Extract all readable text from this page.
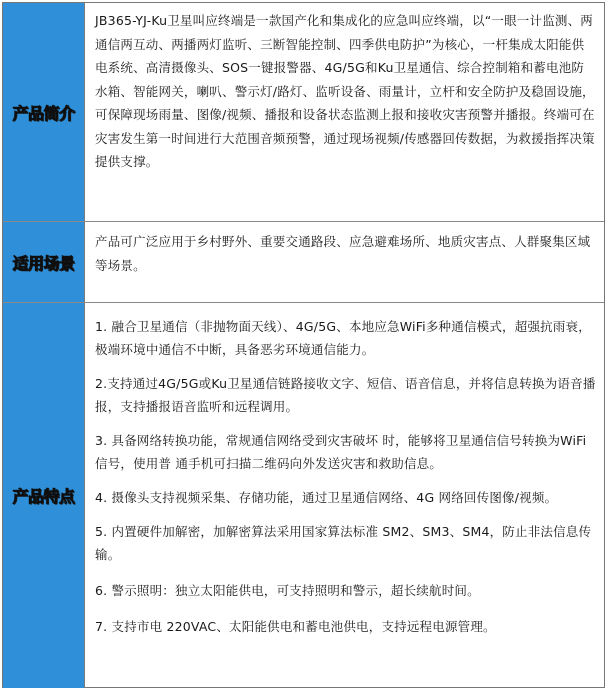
产品简介

JB365-YJ-Ku卫星叫应终端是一款国产化和集成化的应急叫应终端，以“一眼一计监测、两通信两互动、两播两灯监听、三断智能控制、四季供电防护”为核心，一杆集成太阳能供电系统、高清摄像头、SOS一键报警器、4G/5G和Ku卫星通信、综合控制箱和蓄电池防水箱、智能网关，喇叭、警示灯/路灯、监听设备、雨量计，立杆和安全防护及稳固设施，可保障现场雨量、图像/视频、播报和设备状态监测上报和接收灾害预警并播报。终端可在灾害发生第一时间进行大范围音频预警，通过现场视频/传感器回传数据，为救援指挥决策提供支撑。

适用场景

产品可广泛应用于乡村野外、重要交通路段、应急避难场所、地质灾害点、人群聚集区域等场景。

产品特点

1. 融合卫星通信（非抛物面天线）、4G/5G、本地应急WiFi多种通信模式，超强抗雨衰，极端环境中通信不中断，具备恶劣环境通信能力。

2.支持通过4G/5G或Ku卫星通信链路接收文字、短信、语音信息，并将信息转换为语音播报，支持播报语音监听和远程调用。

3. 具备网络转换功能，常规通信网络受到灾害破坏 时，能够将卫星通信信号转换为WiFi信号，使用普 通手机可扫描二维码向外发送灾害和救助信息。

4. 摄像头支持视频采集、存储功能，通过卫星通信网络、4G 网络回传图像/视频。

5. 内置硬件加解密，加解密算法采用国家算法标准 SM2、SM3、SM4，防止非法信息传输。

6. 警示照明：独立太阳能供电，可支持照明和警示，超长续航时间。

7. 支持市电 220VAC、太阳能供电和蓄电池供电，支持远程电源管理。
